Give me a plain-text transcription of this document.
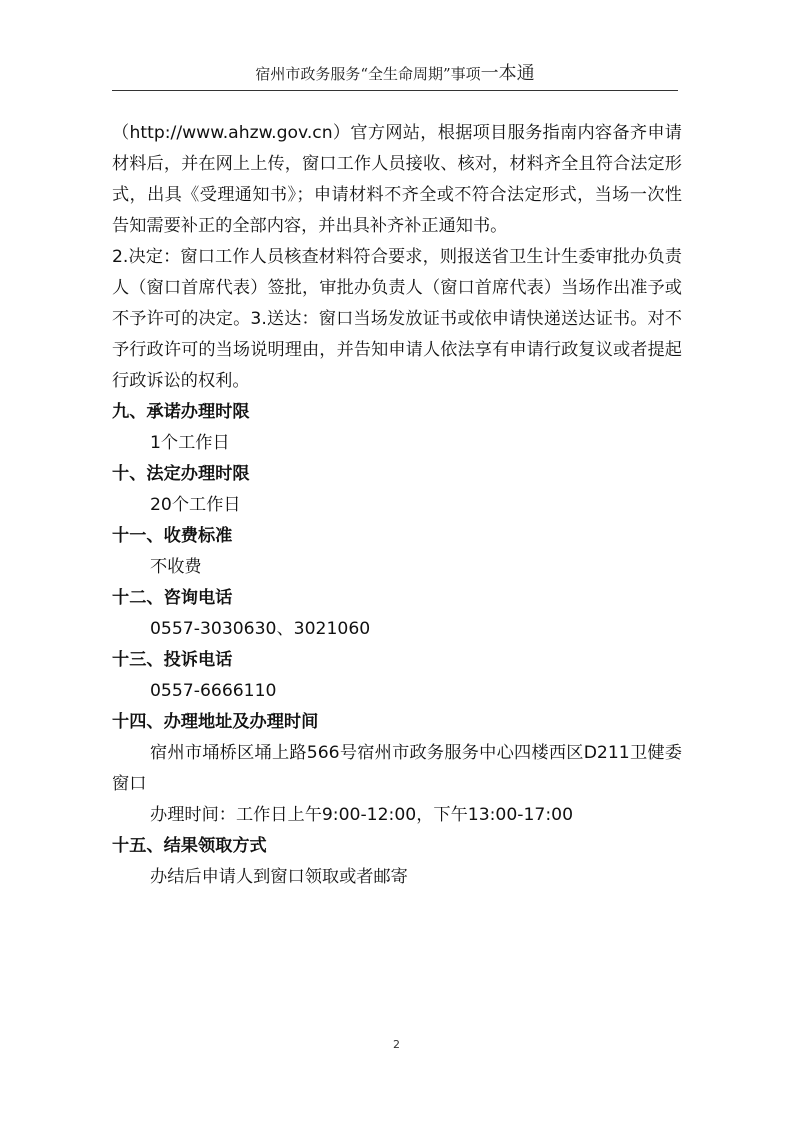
宿州市政务服务“全生命周期”事项一本通

（http://www.ahzw.gov.cn）官方网站，根据项目服务指南内容备齐申请材料后，并在网上上传，窗口工作人员接收、核对，材料齐全且符合法定形式，出具《受理通知书》；申请材料不齐全或不符合法定形式，当场一次性告知需要补正的全部内容，并出具补齐补正通知书。

2.决定：窗口工作人员核查材料符合要求，则报送省卫生计生委审批办负责人（窗口首席代表）签批，审批办负责人（窗口首席代表）当场作出准予或不予许可的决定。3.送达：窗口当场发放证书或依申请快递送达证书。对不予行政许可的当场说明理由，并告知申请人依法享有申请行政复议或者提起行政诉讼的权利。

九、承诺办理时限

1个工作日

十、法定办理时限

20个工作日

十一、收费标准

不收费

十二、咨询电话

0557-3030630、3021060

十三、投诉电话

0557-6666110

十四、办理地址及办理时间

宿州市埇桥区埇上路566号宿州市政务服务中心四楼西区D211卫健委窗口

办理时间：工作日上午9:00-12:00，下午13:00-17:00

十五、结果领取方式

办结后申请人到窗口领取或者邮寄

2
